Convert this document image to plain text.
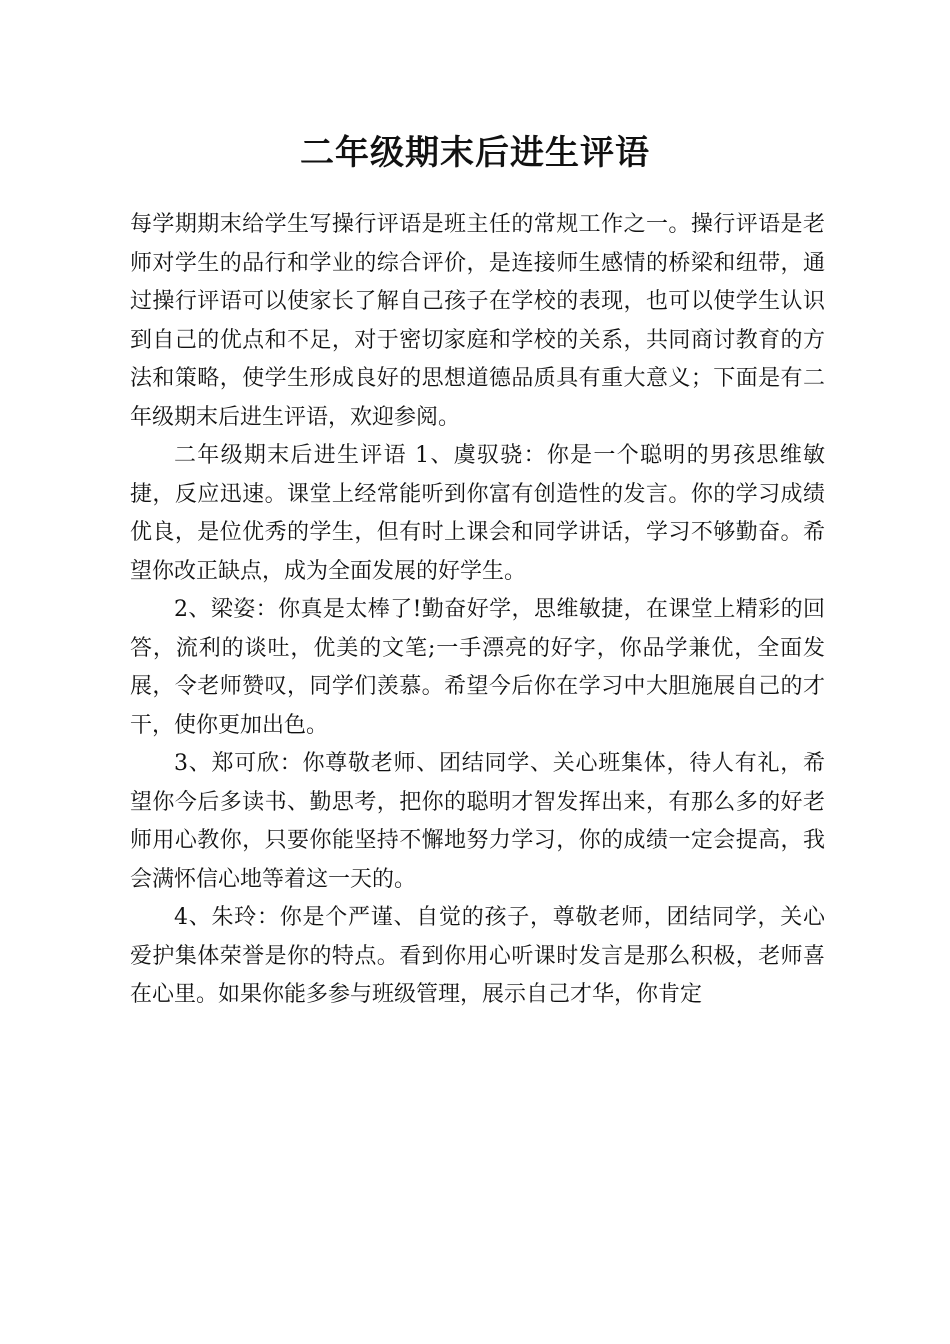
二年级期末后进生评语

每学期期末给学生写操行评语是班主任的常规工作之一。操行评语是老师对学生的品行和学业的综合评价，是连接师生感情的桥梁和纽带，通过操行评语可以使家长了解自己孩子在学校的表现，也可以使学生认识到自己的优点和不足，对于密切家庭和学校的关系，共同商讨教育的方法和策略，使学生形成良好的思想道德品质具有重大意义；下面是有二年级期末后进生评语，欢迎参阅。

二年级期末后进生评语 1、虞驭骁：你是一个聪明的男孩思维敏捷，反应迅速。课堂上经常能听到你富有创造性的发言。你的学习成绩优良，是位优秀的学生，但有时上课会和同学讲话，学习不够勤奋。希望你改正缺点，成为全面发展的好学生。

2、梁姿：你真是太棒了!勤奋好学，思维敏捷，在课堂上精彩的回答，流利的谈吐，优美的文笔;一手漂亮的好字，你品学兼优，全面发展，令老师赞叹，同学们羡慕。希望今后你在学习中大胆施展自己的才干，使你更加出色。

3、郑可欣：你尊敬老师、团结同学、关心班集体，待人有礼，希望你今后多读书、勤思考，把你的聪明才智发挥出来，有那么多的好老师用心教你，只要你能坚持不懈地努力学习，你的成绩一定会提高，我会满怀信心地等着这一天的。

4、朱玲：你是个严谨、自觉的孩子，尊敬老师，团结同学，关心爱护集体荣誉是你的特点。看到你用心听课时发言是那么积极，老师喜在心里。如果你能多参与班级管理，展示自己才华，你肯定
